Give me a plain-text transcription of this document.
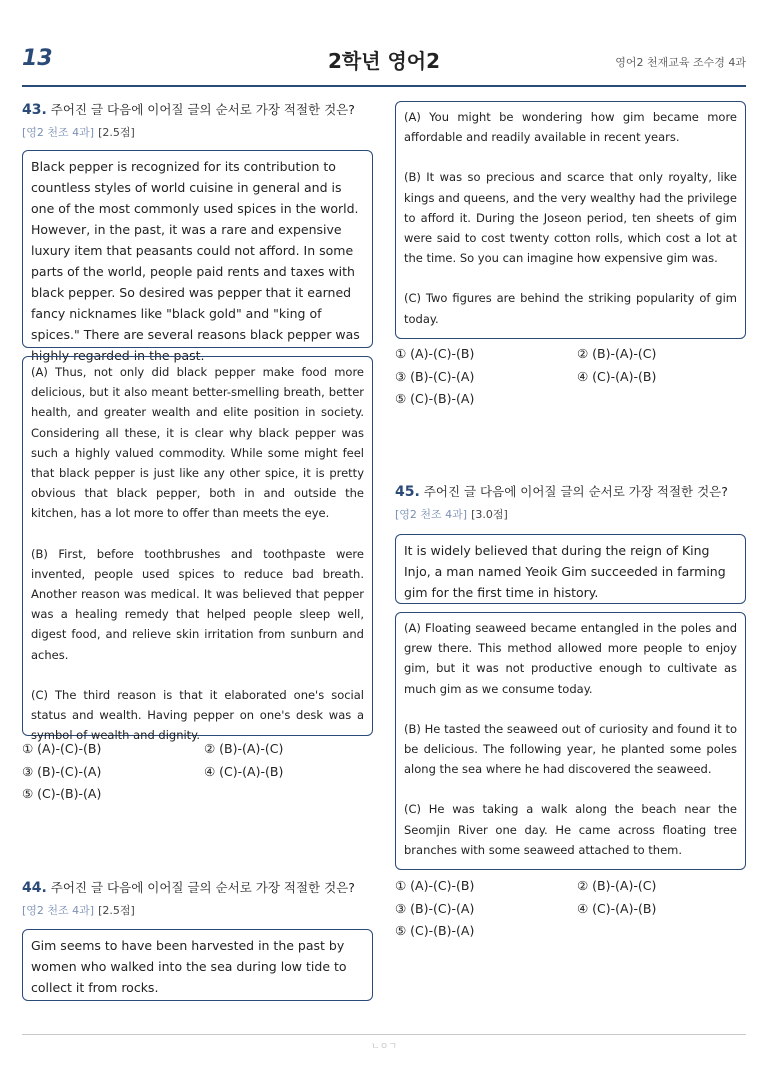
13	2학년 영어2	영어2 천재교육 조수경 4과
43. 주어진 글 다음에 이어질 글의 순서로 가장 적절한 것은? [영2 천조 4과] [2.5점]

Black pepper is recognized for its contribution to countless styles of world cuisine in general and is one of the most commonly used spices in the world. However, in the past, it was a rare and expensive luxury item that peasants could not afford. In some parts of the world, people paid rents and taxes with black pepper. So desired was pepper that it earned fancy nicknames like "black gold" and "king of spices." There are several reasons black pepper was highly regarded in the past.

(A) Thus, not only did black pepper make food more delicious, but it also meant better-smelling breath, better health, and greater wealth and elite position in society. Considering all these, it is clear why black pepper was such a highly valued commodity. While some might feel that black pepper is just like any other spice, it is pretty obvious that black pepper, both in and outside the kitchen, has a lot more to offer than meets the eye.

(B) First, before toothbrushes and toothpaste were invented, people used spices to reduce bad breath. Another reason was medical. It was believed that pepper was a healing remedy that helped people sleep well, digest food, and relieve skin irritation from sunburn and aches.

(C) The third reason is that it elaborated one's social status and wealth. Having pepper on one's desk was a symbol of wealth and dignity.

① (A)-(C)-(B)	② (B)-(A)-(C)
③ (B)-(C)-(A)	④ (C)-(A)-(B)
⑤ (C)-(B)-(A)
44. 주어진 글 다음에 이어질 글의 순서로 가장 적절한 것은? [영2 천조 4과] [2.5점]

Gim seems to have been harvested in the past by women who walked into the sea during low tide to collect it from rocks.

(A) You might be wondering how gim became more affordable and readily available in recent years.

(B) It was so precious and scarce that only royalty, like kings and queens, and the very wealthy had the privilege to afford it. During the Joseon period, ten sheets of gim were said to cost twenty cotton rolls, which cost a lot at the time. So you can imagine how expensive gim was.

(C) Two figures are behind the striking popularity of gim today.

① (A)-(C)-(B)	② (B)-(A)-(C)
③ (B)-(C)-(A)	④ (C)-(A)-(B)
⑤ (C)-(B)-(A)
45. 주어진 글 다음에 이어질 글의 순서로 가장 적절한 것은? [영2 천조 4과] [3.0점]

It is widely believed that during the reign of King Injo, a man named Yeoik Gim succeeded in farming gim for the first time in history.

(A) Floating seaweed became entangled in the poles and grew there. This method allowed more people to enjoy gim, but it was not productive enough to cultivate as much gim as we consume today.

(B) He tasted the seaweed out of curiosity and found it to be delicious. The following year, he planted some poles along the sea where he had discovered the seaweed.

(C) He was taking a walk along the beach near the Seomjin River one day. He came across floating tree branches with some seaweed attached to them.

① (A)-(C)-(B)	② (B)-(A)-(C)
③ (B)-(C)-(A)	④ (C)-(A)-(B)
⑤ (C)-(B)-(A)
ㄴㅇㄱ
